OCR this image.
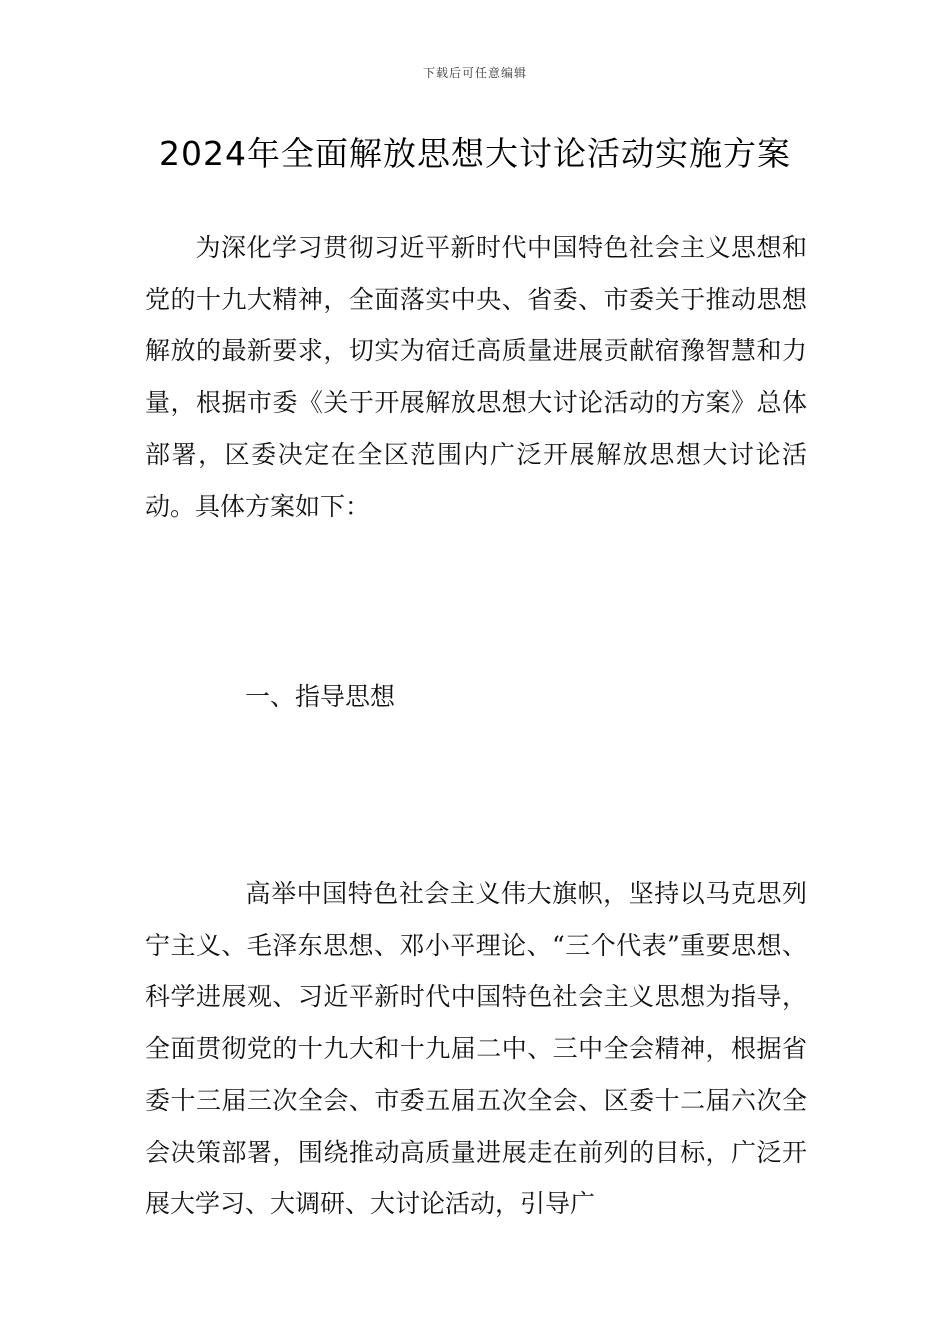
下载后可任意编辑
2024年全面解放思想大讨论活动实施方案

为深化学习贯彻习近平新时代中国特色社会主义思想和党的十九大精神，全面落实中央、省委、市委关于推动思想解放的最新要求，切实为宿迁高质量进展贡献宿豫智慧和力量，根据市委《关于开展解放思想大讨论活动的方案》总体部署，区委决定在全区范围内广泛开展解放思想大讨论活动。具体方案如下：

一、指导思想

高举中国特色社会主义伟大旗帜，坚持以马克思列宁主义、毛泽东思想、邓小平理论、“三个代表”重要思想、科学进展观、习近平新时代中国特色社会主义思想为指导，全面贯彻党的十九大和十九届二中、三中全会精神，根据省委十三届三次全会、市委五届五次全会、区委十二届六次全会决策部署，围绕推动高质量进展走在前列的目标，广泛开展大学习、大调研、大讨论活动，引导广
